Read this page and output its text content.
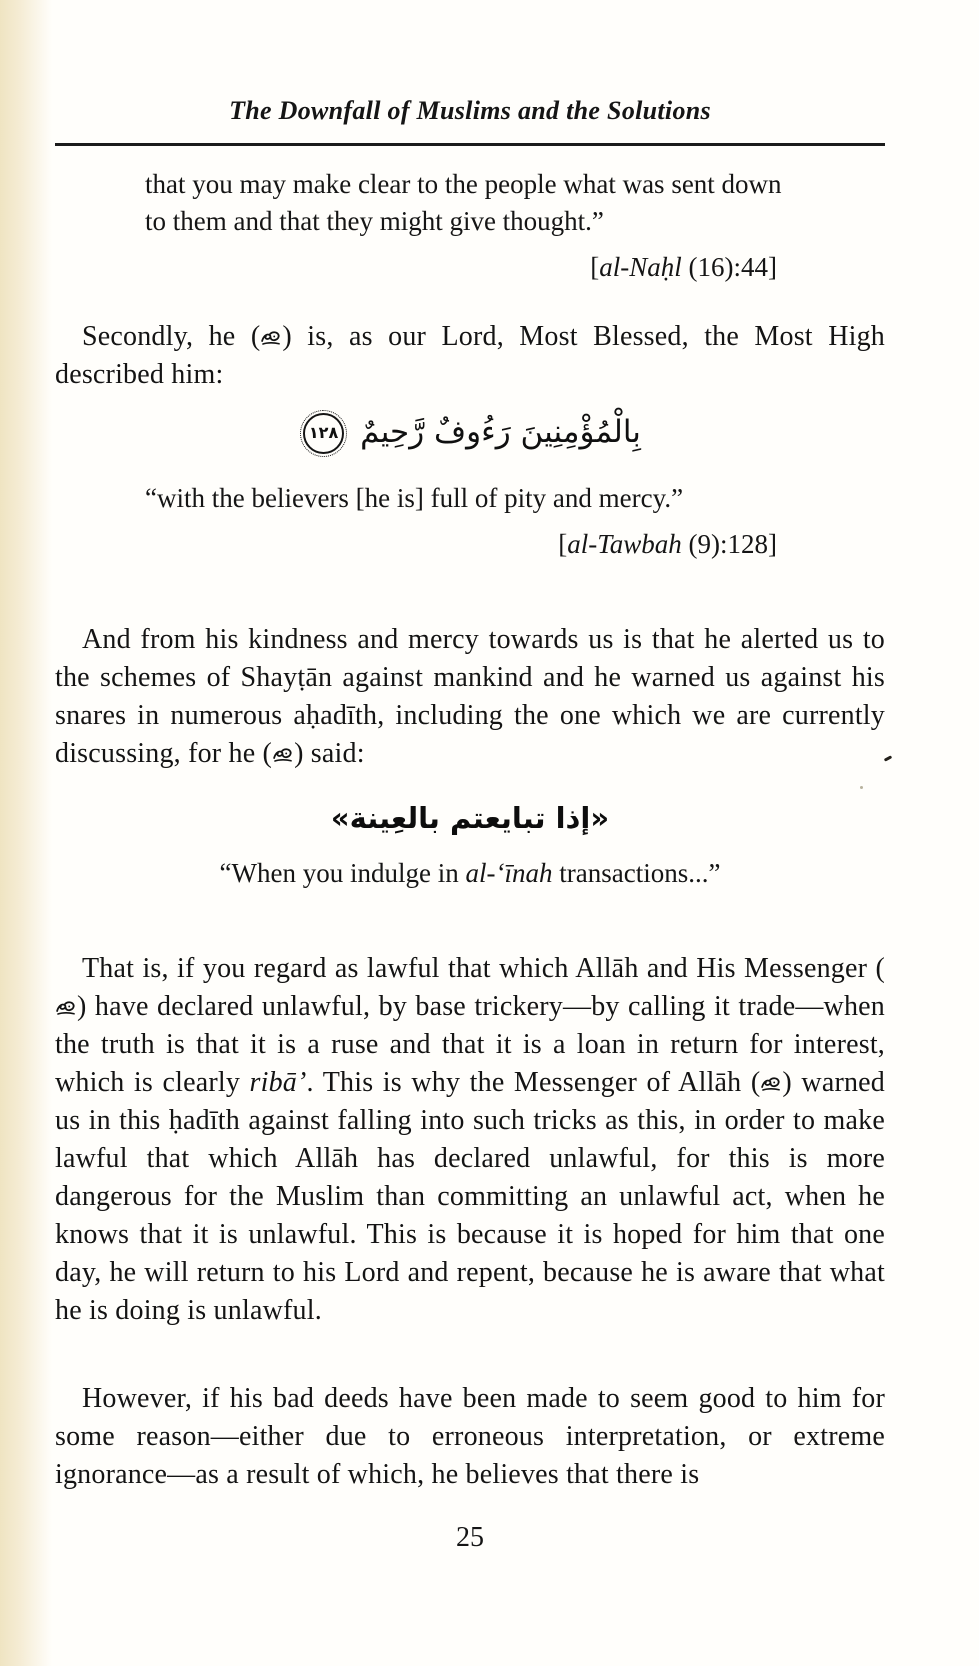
The Downfall of Muslims and the Solutions

that you may make clear to the people what was sent down to them and that they might give thought.”

[al-Naḥl (16):44]

Secondly, he ( ) is, as our Lord, Most Blessed, the Most High described him:

بِالْمُؤْمِنِينَ رَءُوفٌ رَّحِيمٌ١٢٨

“with the believers [he is] full of pity and mercy.”

[al-Tawbah (9):128]

And from his kindness and mercy towards us is that he alerted us to the schemes of Shayṭān against mankind and he warned us against his snares in numerous aḥadīth, including the one which we are currently discussing, for he ( ) said:

«إذا تبايعتم بالعِينة»

“When you indulge in al-‘īnah transactions...”

That is, if you regard as lawful that which Allāh and His Messenger (
) have declared unlawful, by base trickery—by calling it trade—when the truth is that it is a ruse and that it is a loan in return for interest, which is clearly ribā’. This is why the Messenger of Allāh ( ) warned us in this ḥadīth against falling into such tricks as this, in order to make lawful that which Allāh has declared unlawful, for this is more dangerous for the Muslim than committing an unlawful act, when he knows that it is unlawful. This is because it is hoped for him that one day, he will return to his Lord and repent, because he is aware that what he is doing is unlawful.

However, if his bad deeds have been made to seem good to him for some reason—either due to erroneous interpretation, or extreme ignorance—as a result of which, he believes that there is

25
